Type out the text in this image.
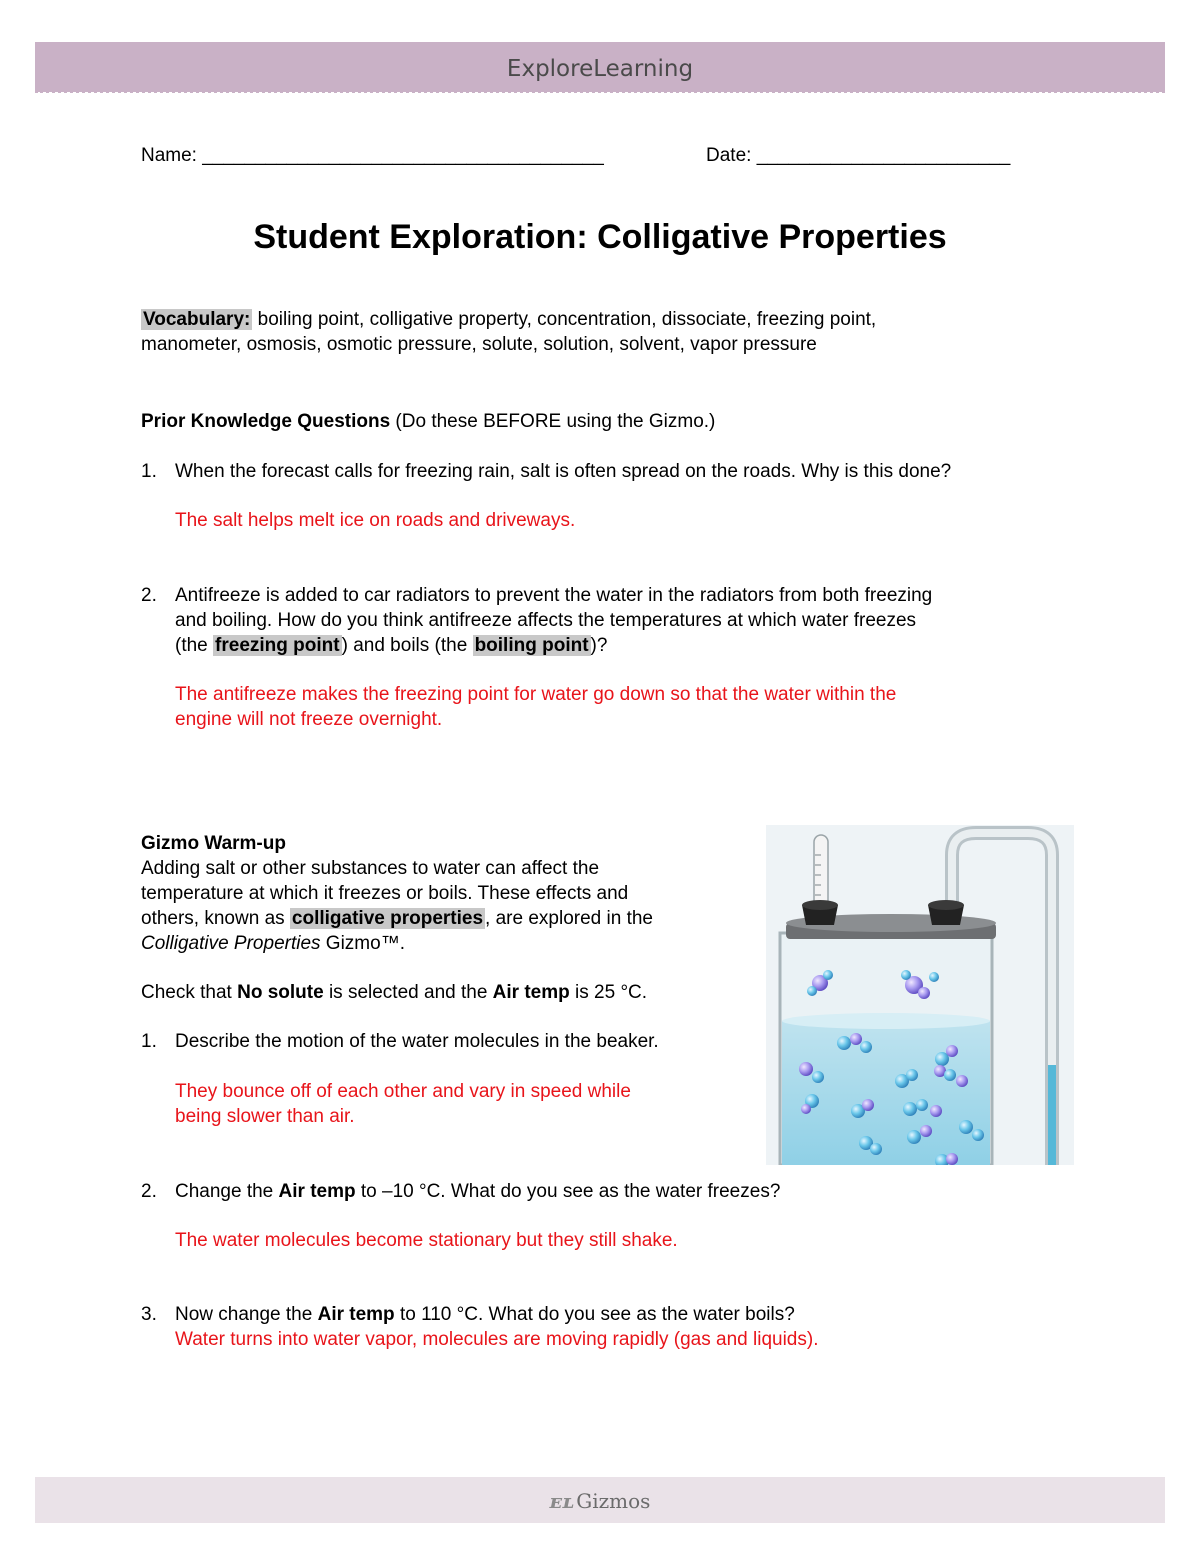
ExploreLearning
Name: ______________________________________	Date: ________________________
Student Exploration: Colligative Properties
Vocabulary: boiling point, colligative property, concentration, dissociate, freezing point,
manometer, osmosis, osmotic pressure, solute, solution, solvent, vapor pressure
Prior Knowledge Questions (Do these BEFORE using the Gizmo.)
1. When the forecast calls for freezing rain, salt is often spread on the roads. Why is this done?
The salt helps melt ice on roads and driveways.
2. Antifreeze is added to car radiators to prevent the water in the radiators from both freezing
and boiling. How do you think antifreeze affects the temperatures at which water freezes
(the freezing point ) and boils (the boiling point )?
The antifreeze makes the freezing point for water go down so that the water within the
engine will not freeze overnight.
Gizmo Warm-up
Adding salt or other substances to water can affect the
temperature at which it freezes or boils. These effects and
others, known as colligative properties , are explored in the
Colligative Properties Gizmo™.
Check that No solute is selected and the Air temp is 25 °C.
1. Describe the motion of the water molecules in the beaker.
They bounce off of each other and vary in speed while
being slower than air.
2. Change the Air temp to –10 °C. What do you see as the water freezes?
The water molecules become stationary but they still shake.
3. Now change the Air temp to 110 °C. What do you see as the water boils?
Water turns into water vapor, molecules are moving rapidly (gas and liquids).
ᴇʟ Gizmos
